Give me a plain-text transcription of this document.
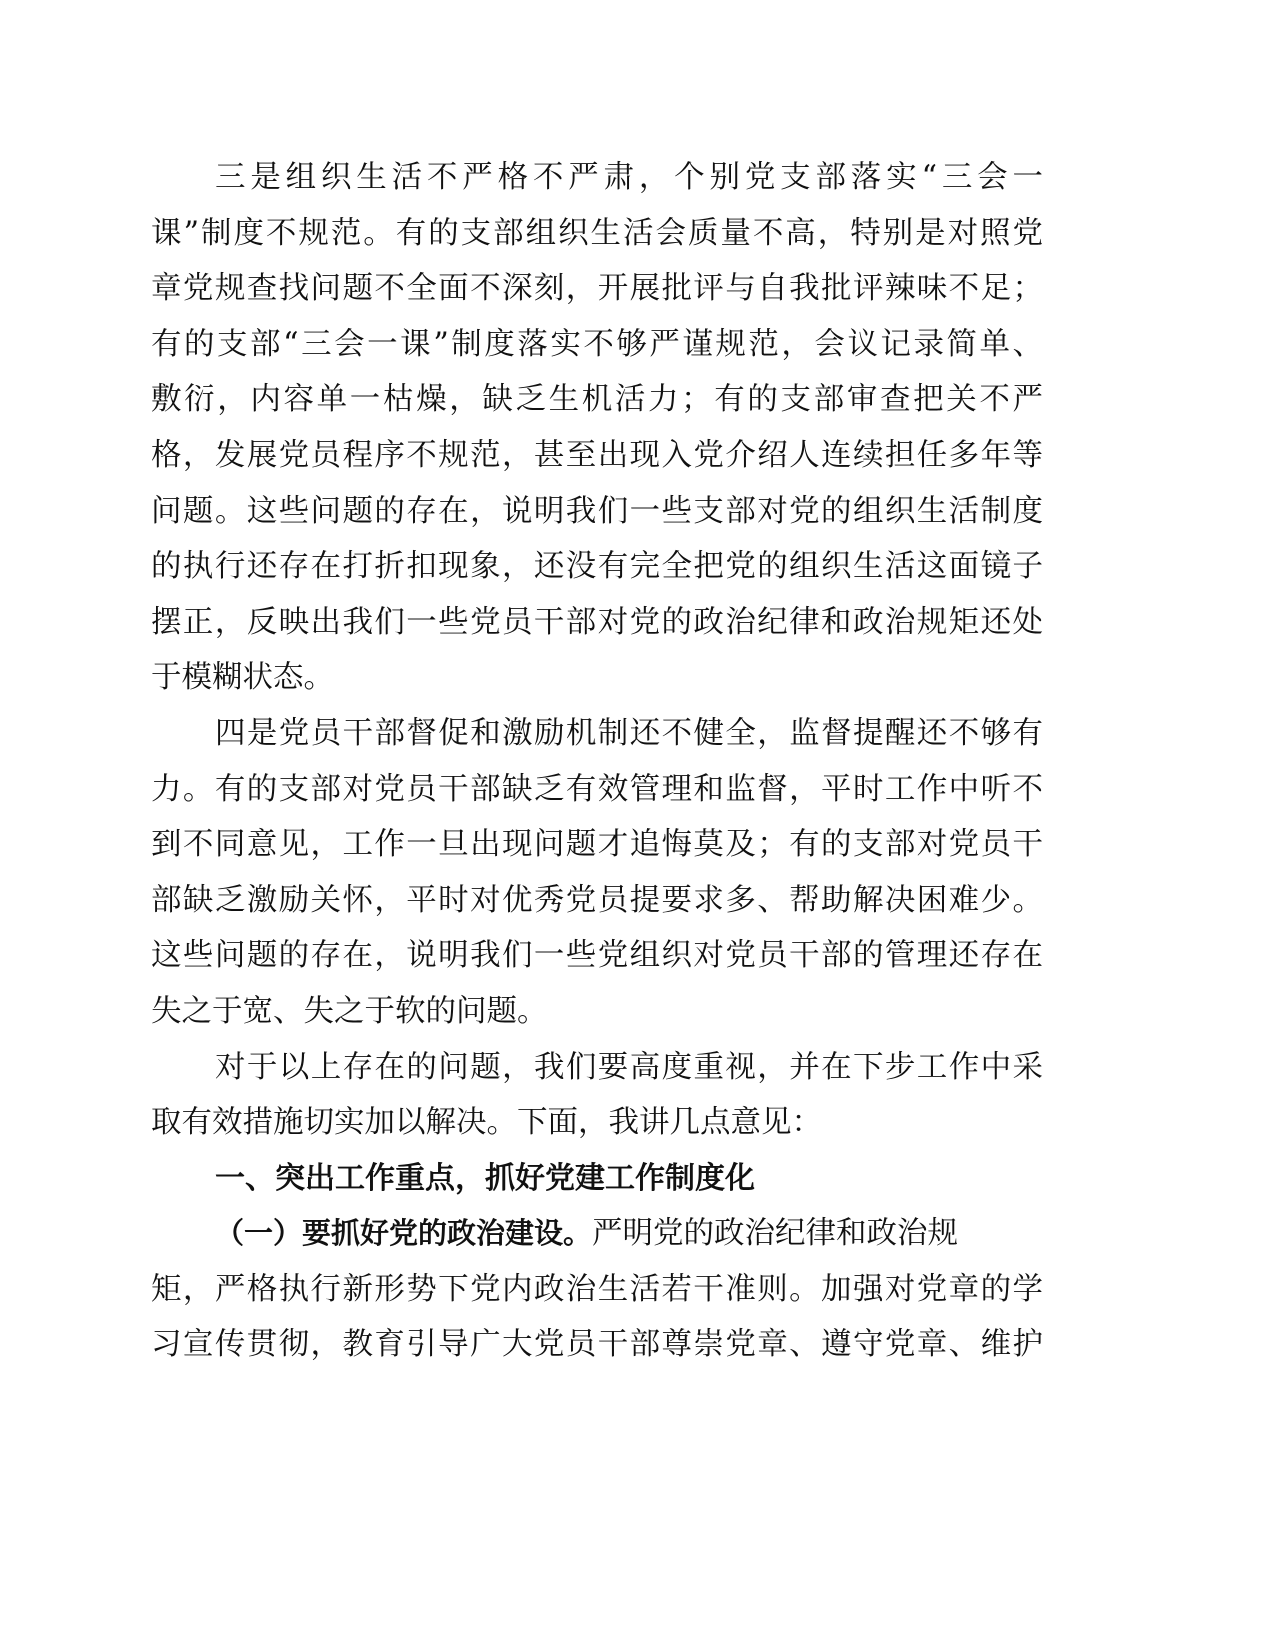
三是组织生活不严格不严肃，个别党支部落实“三会一
课”制度不规范。有的支部组织生活会质量不高，特别是对照党
章党规查找问题不全面不深刻，开展批评与自我批评辣味不足；
有的支部“三会一课”制度落实不够严谨规范，会议记录简单、
敷衍，内容单一枯燥，缺乏生机活力；有的支部审查把关不严
格，发展党员程序不规范，甚至出现入党介绍人连续担任多年等
问题。这些问题的存在，说明我们一些支部对党的组织生活制度
的执行还存在打折扣现象，还没有完全把党的组织生活这面镜子
摆正，反映出我们一些党员干部对党的政治纪律和政治规矩还处
于模糊状态。
四是党员干部督促和激励机制还不健全，监督提醒还不够有
力。有的支部对党员干部缺乏有效管理和监督，平时工作中听不
到不同意见，工作一旦出现问题才追悔莫及；有的支部对党员干
部缺乏激励关怀，平时对优秀党员提要求多、帮助解决困难少。
这些问题的存在，说明我们一些党组织对党员干部的管理还存在
失之于宽、失之于软的问题。
对于以上存在的问题，我们要高度重视，并在下步工作中采
取有效措施切实加以解决。下面，我讲几点意见：
一、突出工作重点，抓好党建工作制度化
（一）要抓好党的政治建设。严明党的政治纪律和政治规
矩，严格执行新形势下党内政治生活若干准则。加强对党章的学
习宣传贯彻，教育引导广大党员干部尊崇党章、遵守党章、维护
